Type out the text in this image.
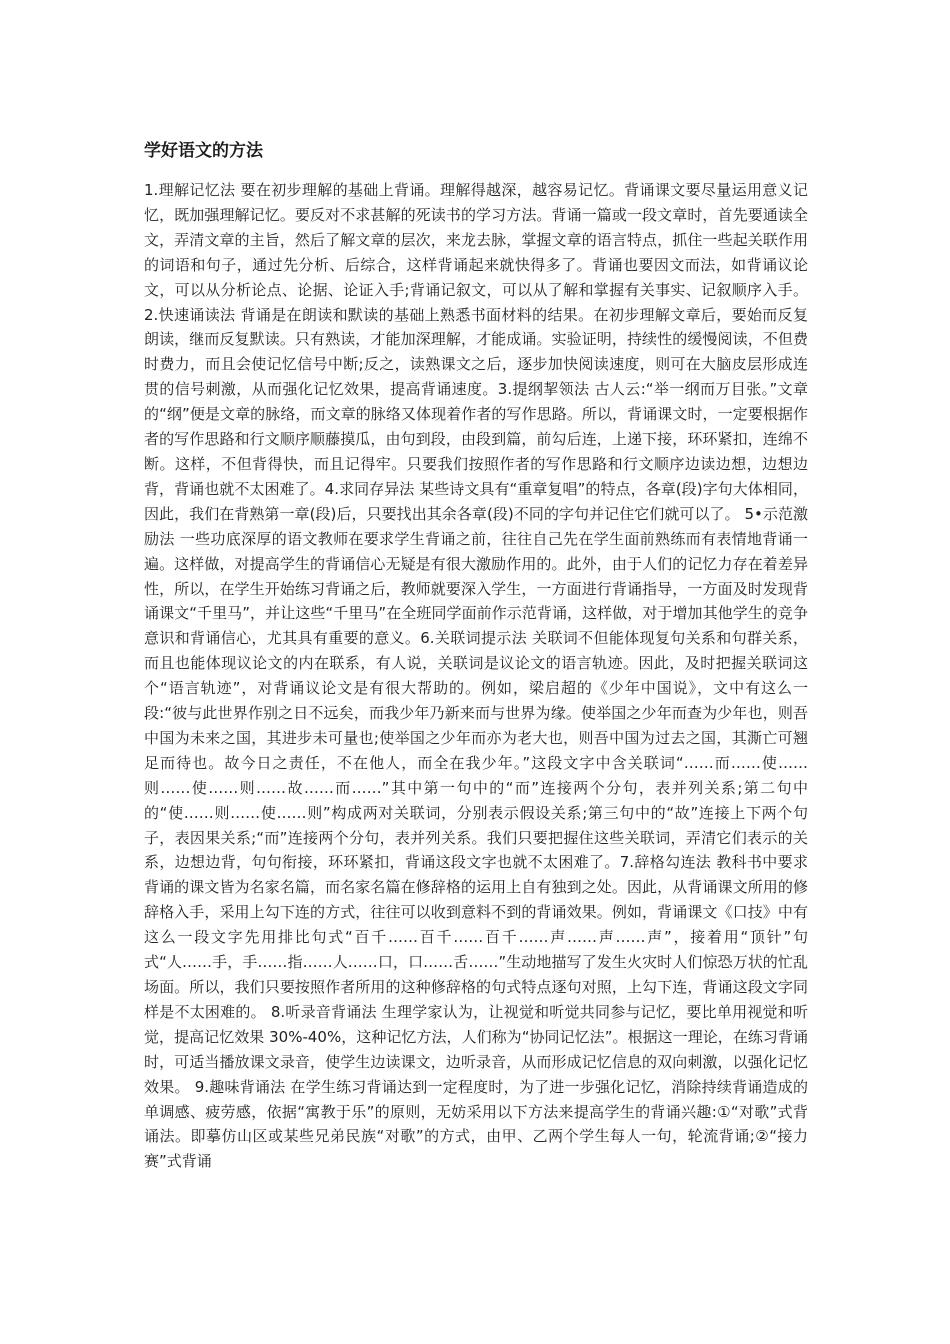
学好语文的方法

1.理解记忆法 要在初步理解的基础上背诵。理解得越深，越容易记忆。背诵课文要尽量运用意义记忆，既加强理解记忆。要反对不求甚解的死读书的学习方法。背诵一篇或一段文章时，首先要通读全文，弄清文章的主旨，然后了解文章的层次，来龙去脉，掌握文章的语言特点，抓住一些起关联作用的词语和句子，通过先分析、后综合，这样背诵起来就快得多了。背诵也要因文而法，如背诵议论文，可以从分析论点、论据、论证入手;背诵记叙文，可以从了解和掌握有关事实、记叙顺序入手。 2.快速诵读法 背诵是在朗读和默读的基础上熟悉书面材料的结果。在初步理解文章后，要始而反复朗读，继而反复默读。只有熟读，才能加深理解，才能成诵。实验证明，持续性的缓慢阅读，不但费时费力，而且会使记忆信号中断;反之，读熟课文之后，逐步加快阅读速度，则可在大脑皮层形成连贯的信号刺激，从而强化记忆效果，提高背诵速度。3.提纲挈领法 古人云:“举一纲而万目张。”文章的“纲”便是文章的脉络，而文章的脉络又体现着作者的写作思路。所以，背诵课文时，一定要根据作者的写作思路和行文顺序顺藤摸瓜，由句到段，由段到篇，前勾后连，上递下接，环环紧扣，连绵不断。这样，不但背得快，而且记得牢。只要我们按照作者的写作思路和行文顺序边读边想，边想边背，背诵也就不太困难了。4.求同存异法 某些诗文具有“重章复唱”的特点，各章(段)字句大体相同，因此，我们在背熟第一章(段)后，只要找出其余各章(段)不同的字句并记住它们就可以了。 5•示范激励法 一些功底深厚的语文教师在要求学生背诵之前，往往自己先在学生面前熟练而有表情地背诵一遍。这样做，对提高学生的背诵信心无疑是有很大激励作用的。此外，由于人们的记忆力存在着差异性，所以，在学生开始练习背诵之后，教师就要深入学生，一方面进行背诵指导，一方面及时发现背诵课文“千里马”，并让这些“千里马”在全班同学面前作示范背诵，这样做，对于增加其他学生的竞争意识和背诵信心，尤其具有重要的意义。6.关联词提示法 关联词不但能体现复句关系和句群关系，而且也能体现议论文的内在联系，有人说，关联词是议论文的语言轨迹。因此，及时把握关联词这个“语言轨迹”，对背诵议论文是有很大帮助的。例如，梁启超的《少年中国说》，文中有这么一段:“彼与此世界作别之日不远矣，而我少年乃新来而与世界为缘。使举国之少年而查为少年也，则吾中国为未来之国，其进步未可量也;使举国之少年而亦为老大也，则吾中国为过去之国，其澌亡可翘足而待也。故今日之责任，不在他人，而全在我少年。”这段文字中含关联词“……而……使……则……使……则……故……而……”其中第一句中的“而”连接两个分句，表并列关系;第二句中的“使……则……使……则”构成两对关联词，分别表示假设关系;第三句中的“故”连接上下两个句子，表因果关系;“而”连接两个分句，表并列关系。我们只要把握住这些关联词，弄清它们表示的关系，边想边背，句句衔接，环环紧扣，背诵这段文字也就不太困难了。7.辞格勾连法 教科书中要求背诵的课文皆为名家名篇，而名家名篇在修辞格的运用上自有独到之处。因此，从背诵课文所用的修辞格入手，采用上勾下连的方式，往往可以收到意料不到的背诵效果。例如，背诵课文《口技》中有这么一段文字先用排比句式“百千……百千……百千……声……声……声”，接着用“顶针”句式“人……手，手……指……人……口，口……舌……”生动地描写了发生火灾时人们惊恐万状的忙乱场面。所以，我们只要按照作者所用的这种修辞格的句式特点逐句对照，上勾下连，背诵这段文字同样是不太困难的。 8.听录音背诵法 生理学家认为，让视觉和听觉共同参与记忆，要比单用视觉和听觉，提高记忆效果 30%-40%，这种记忆方法，人们称为“协同记忆法”。根据这一理论，在练习背诵时，可适当播放课文录音，使学生边读课文，边听录音，从而形成记忆信息的双向刺激，以强化记忆效果。 9.趣味背诵法 在学生练习背诵达到一定程度时，为了进一步强化记忆，消除持续背诵造成的单调感、疲劳感，依据“寓教于乐”的原则，无妨采用以下方法来提高学生的背诵兴趣:①“对歌”式背诵法。即摹仿山区或某些兄弟民族“对歌”的方式，由甲、乙两个学生每人一句，轮流背诵;②“接力赛”式背诵
